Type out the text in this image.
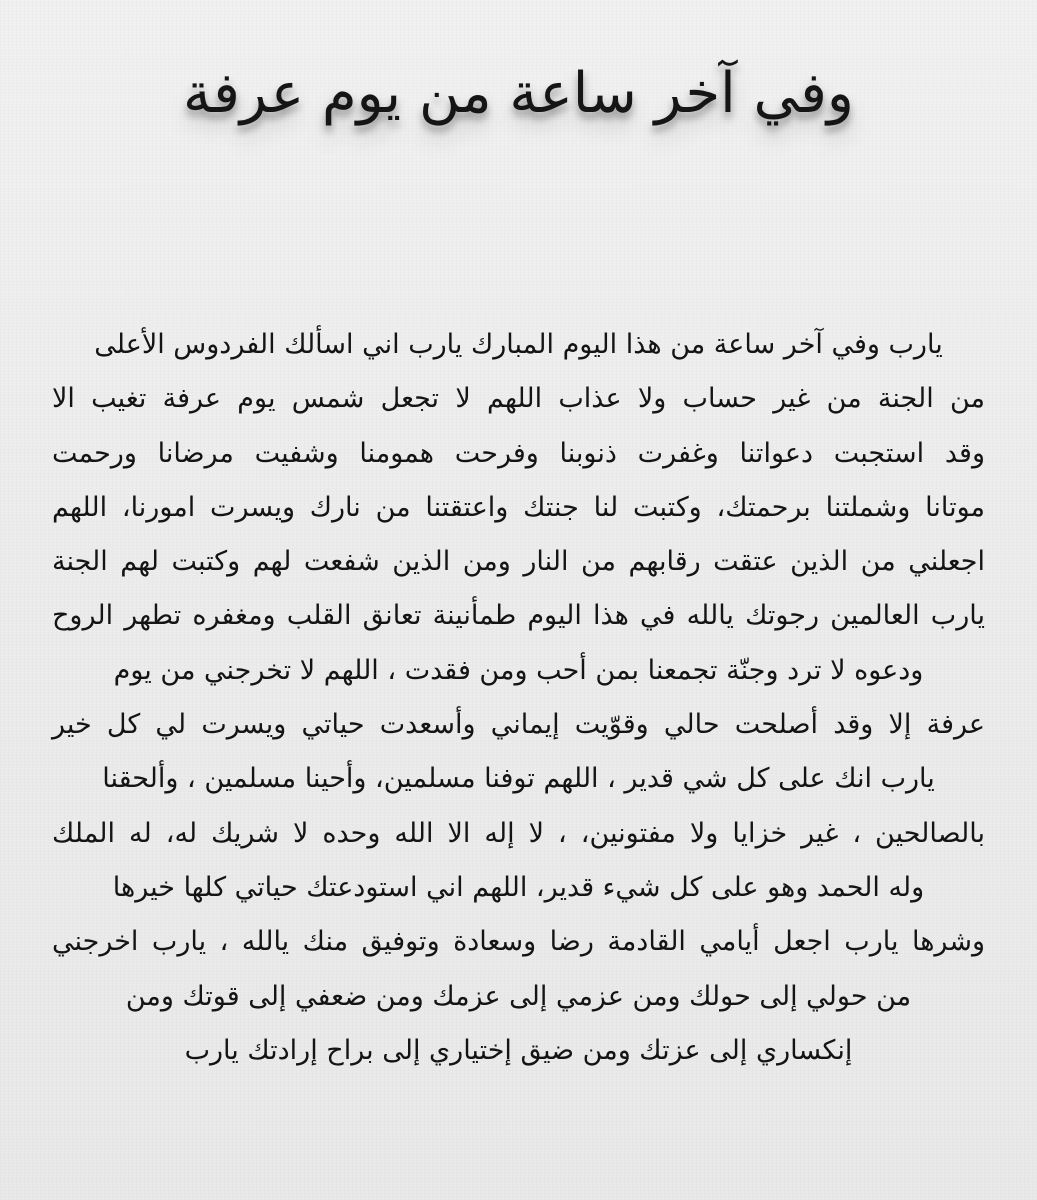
وفي آخر ساعة من يوم عرفة
يارب وفي آخر ساعة من هذا اليوم المبارك يارب اني اسألك الفردوس الأعلى
من الجنة من غير حساب ولا عذاب اللهم لا تجعل شمس يوم عرفة تغيب الا
وقد استجبت دعواتنا وغفرت ذنوبنا وفرحت همومنا وشفيت مرضانا ورحمت
موتانا وشملتنا برحمتك، وكتبت لنا جنتك واعتقتنا من نارك ويسرت امورنا، اللهم
اجعلني من الذين عتقت رقابهم من النار ومن الذين شفعت لهم وكتبت لهم الجنة
يارب العالمين رجوتك يالله في هذا اليوم طمأنينة تعانق القلب ومغفره تطهر الروح
ودعوه لا ترد وجنّة تجمعنا بمن أحب ومن فقدت ، اللهم لا تخرجني من يوم
عرفة إلا وقد أصلحت حالي وقوّيت إيماني وأسعدت حياتي ويسرت لي كل خير
يارب انك على كل شي قدير ، اللهم توفنا مسلمين، وأحينا مسلمين ، وألحقنا
بالصالحين ، غير خزايا ولا مفتونين، ، لا إله الا الله وحده لا شريك له، له الملك
وله الحمد وهو على كل شيء قدير، اللهم اني استودعتك حياتي كلها خيرها
وشرها يارب اجعل أيامي القادمة رضا وسعادة وتوفيق منك يالله ، يارب اخرجني
من حولي إلى حولك ومن عزمي إلى عزمك ومن ضعفي إلى قوتك ومن
إنكساري إلى عزتك ومن ضيق إختياري إلى براح إرادتك يارب
